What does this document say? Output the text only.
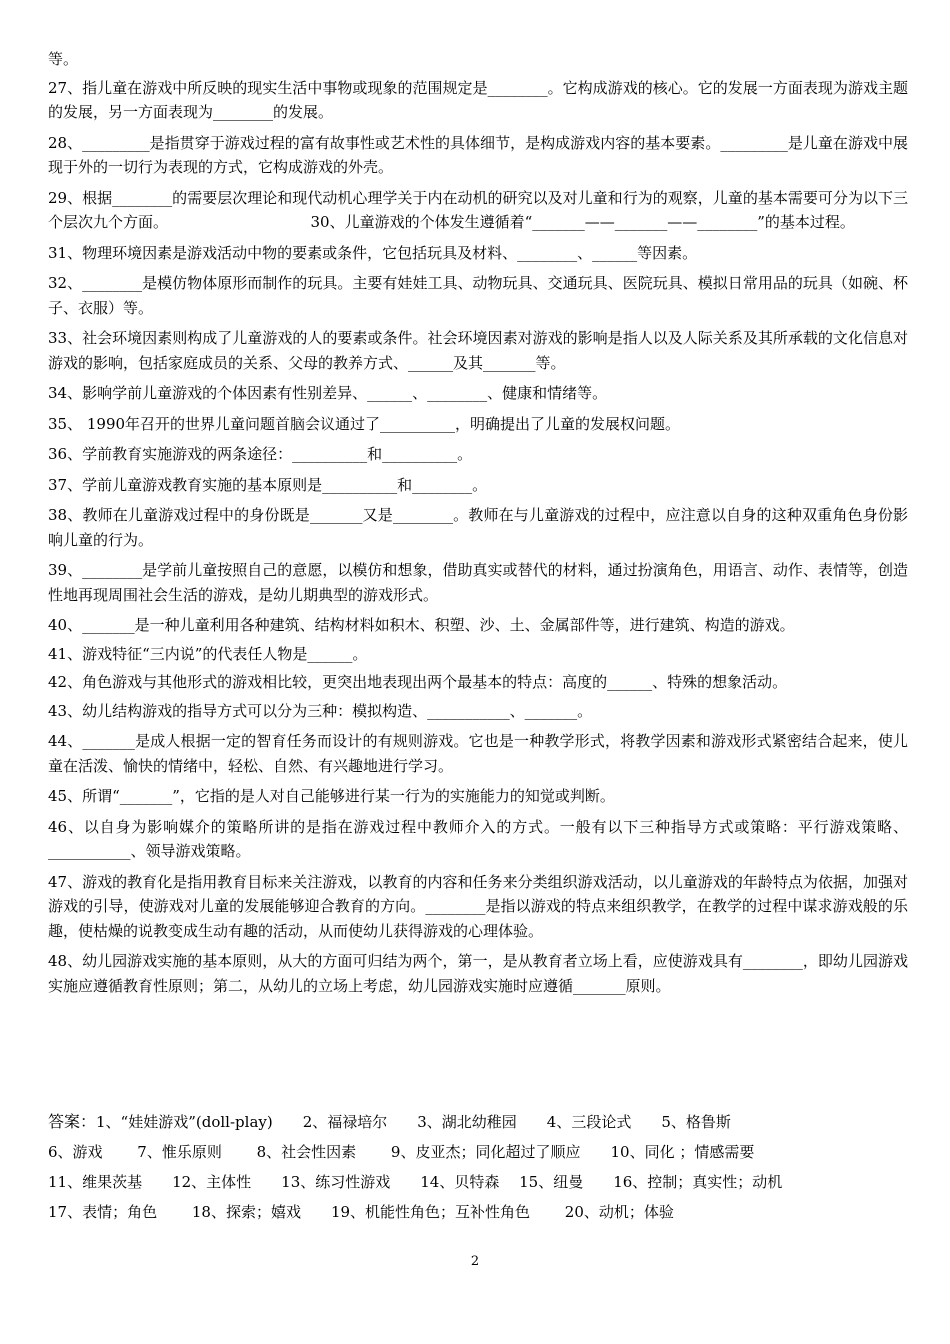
等。

27、指儿童在游戏中所反映的现实生活中事物或现象的范围规定是________。它构成游戏的核心。它的发展一方面表现为游戏主题的发展，另一方面表现为________的发展。

28、_________是指贯穿于游戏过程的富有故事性或艺术性的具体细节，是构成游戏内容的基本要素。_________是儿童在游戏中展现于外的一切行为表现的方式，它构成游戏的外壳。

29、根据________的需要层次理论和现代动机心理学关于内在动机的研究以及对儿童和行为的观察，儿童的基本需要可分为以下三个层次九个方面。　　　　　　　　　　30、儿童游戏的个体发生遵循着“_______——_______——________”的基本过程。

31、物理环境因素是游戏活动中物的要素或条件，它包括玩具及材料、________、______等因素。

32、________是模仿物体原形而制作的玩具。主要有娃娃工具、动物玩具、交通玩具、医院玩具、模拟日常用品的玩具（如碗、杯子、衣服）等。

33、社会环境因素则构成了儿童游戏的人的要素或条件。社会环境因素对游戏的影响是指人以及人际关系及其所承载的文化信息对游戏的影响，包括家庭成员的关系、父母的教养方式、______及其_______等。

34、影响学前儿童游戏的个体因素有性别差异、______、________、健康和情绪等。

35、 1990年召开的世界儿童问题首脑会议通过了__________，明确提出了儿童的发展权问题。

36、学前教育实施游戏的两条途径：__________和__________。

37、学前儿童游戏教育实施的基本原则是__________和________。

38、教师在儿童游戏过程中的身份既是_______又是________。教师在与儿童游戏的过程中，应注意以自身的这种双重角色身份影响儿童的行为。

39、________是学前儿童按照自己的意愿，以模仿和想象，借助真实或替代的材料，通过扮演角色，用语言、动作、表情等，创造性地再现周围社会生活的游戏，是幼儿期典型的游戏形式。

40、_______是一种儿童利用各种建筑、结构材料如积木、积塑、沙、土、金属部件等，进行建筑、构造的游戏。

41、游戏特征“三内说”的代表任人物是______。

42、角色游戏与其他形式的游戏相比较，更突出地表现出两个最基本的特点：高度的______、特殊的想象活动。

43、幼儿结构游戏的指导方式可以分为三种：模拟构造、___________、_______。

44、_______是成人根据一定的智育任务而设计的有规则游戏。它也是一种教学形式，将教学因素和游戏形式紧密结合起来，使儿童在活泼、愉快的情绪中，轻松、自然、有兴趣地进行学习。

45、所谓“_______”，它指的是人对自己能够进行某一行为的实施能力的知觉或判断。

46、以自身为影响媒介的策略所讲的是指在游戏过程中教师介入的方式。一般有以下三种指导方式或策略：平行游戏策略、___________、领导游戏策略。

47、游戏的教育化是指用教育目标来关注游戏，以教育的内容和任务来分类组织游戏活动，以儿童游戏的年龄特点为依据，加强对游戏的引导，使游戏对儿童的发展能够迎合教育的方向。________是指以游戏的特点来组织教学，在教学的过程中谋求游戏般的乐趣，使枯燥的说教变成生动有趣的活动，从而使幼儿获得游戏的心理体验。

48、幼儿园游戏实施的基本原则，从大的方面可归结为两个，第一，是从教育者立场上看，应使游戏具有________，即幼儿园游戏实施应遵循教育性原则；第二，从幼儿的立场上考虑，幼儿园游戏实施时应遵循_______原则。

答案：1、“娃娃游戏”(doll-play)　　2、福禄培尔　　3、湖北幼稚园　　4、三段论式　　5、格鲁斯
6、游戏　　 7、惟乐原则　　 8、社会性因素　　 9、皮亚杰；同化超过了顺应　　10、同化 ；情感需要
11、维果茨基　　12、主体性　　13、练习性游戏　　14、贝特森　 15、纽曼　　16、控制；真实性；动机
17、表情；角色　　 18、探索；嬉戏　　19、机能性角色；互补性角色　　 20、动机；体验
2
